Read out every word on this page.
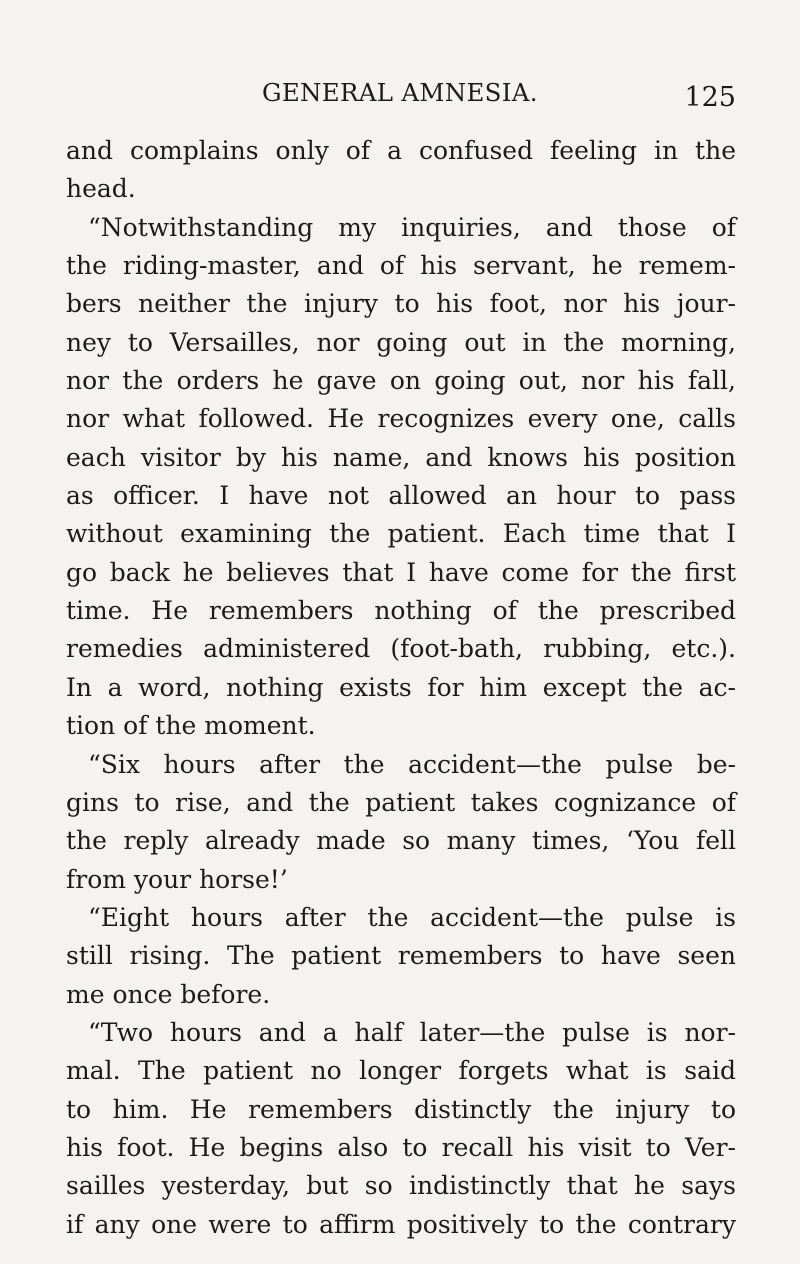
GENERAL AMNESIA.	125
and complains only of a confused feeling in the
head.
“Notwithstanding my inquiries, and those of
the riding-master, and of his servant, he remem-
bers neither the injury to his foot, nor his jour-
ney to Versailles, nor going out in the morning,
nor the orders he gave on going out, nor his fall,
nor what followed. He recognizes every one, calls
each visitor by his name, and knows his position
as officer. I have not allowed an hour to pass
without examining the patient. Each time that I
go back he believes that I have come for the first
time. He remembers nothing of the prescribed
remedies administered (foot-bath, rubbing, etc.).
In a word, nothing exists for him except the ac-
tion of the moment.
“Six hours after the accident—the pulse be-
gins to rise, and the patient takes cognizance of
the reply already made so many times, ‘You fell
from your horse!’
“Eight hours after the accident—the pulse is
still rising. The patient remembers to have seen
me once before.
“Two hours and a half later—the pulse is nor-
mal. The patient no longer forgets what is said
to him. He remembers distinctly the injury to
his foot. He begins also to recall his visit to Ver-
sailles yesterday, but so indistinctly that he says
if any one were to affirm positively to the contrary
